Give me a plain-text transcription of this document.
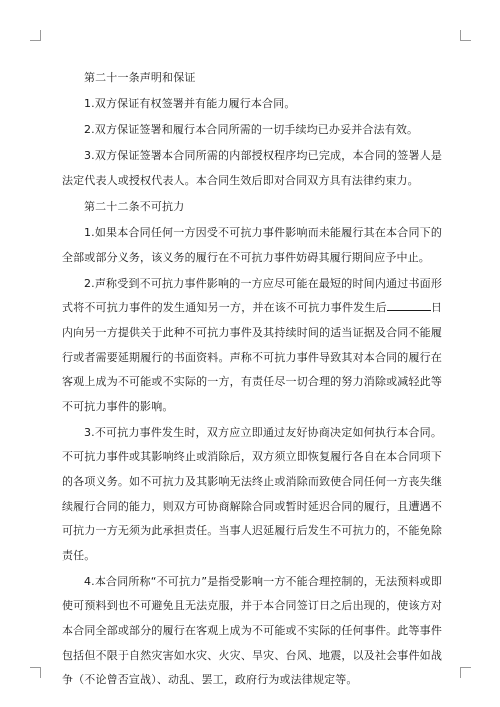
第二十一条声明和保证

1.双方保证有权签署并有能力履行本合同。

2.双方保证签署和履行本合同所需的一切手续均已办妥并合法有效。

3.双方保证签署本合同所需的内部授权程序均已完成，本合同的签署人是法定代表人或授权代表人。本合同生效后即对合同双方具有法律约束力。

第二十二条不可抗力

1.如果本合同任何一方因受不可抗力事件影响而未能履行其在本合同下的全部或部分义务，该义务的履行在不可抗力事件妨碍其履行期间应予中止。

2.声称受到不可抗力事件影响的一方应尽可能在最短的时间内通过书面形式将不可抗力事件的发生通知另一方，并在该不可抗力事件发生后	日内向另一方提供关于此种不可抗力事件及其持续时间的适当证据及合同不能履行或者需要延期履行的书面资料。声称不可抗力事件导致其对本合同的履行在客观上成为不可能或不实际的一方，有责任尽一切合理的努力消除或减轻此等不可抗力事件的影响。

3.不可抗力事件发生时，双方应立即通过友好协商决定如何执行本合同。不可抗力事件或其影响终止或消除后，双方须立即恢复履行各自在本合同项下的各项义务。如不可抗力及其影响无法终止或消除而致使合同任何一方丧失继续履行合同的能力，则双方可协商解除合同或暂时延迟合同的履行，且遭遇不可抗力一方无须为此承担责任。当事人迟延履行后发生不可抗力的，不能免除责任。

4.本合同所称“不可抗力”是指受影响一方不能合理控制的，无法预料或即使可预料到也不可避免且无法克服，并于本合同签订日之后出现的，使该方对本合同全部或部分的履行在客观上成为不可能或不实际的任何事件。此等事件包括但不限于自然灾害如水灾、火灾、旱灾、台风、地震，以及社会事件如战争（不论曾否宣战）、动乱、罢工，政府行为或法律规定等。
